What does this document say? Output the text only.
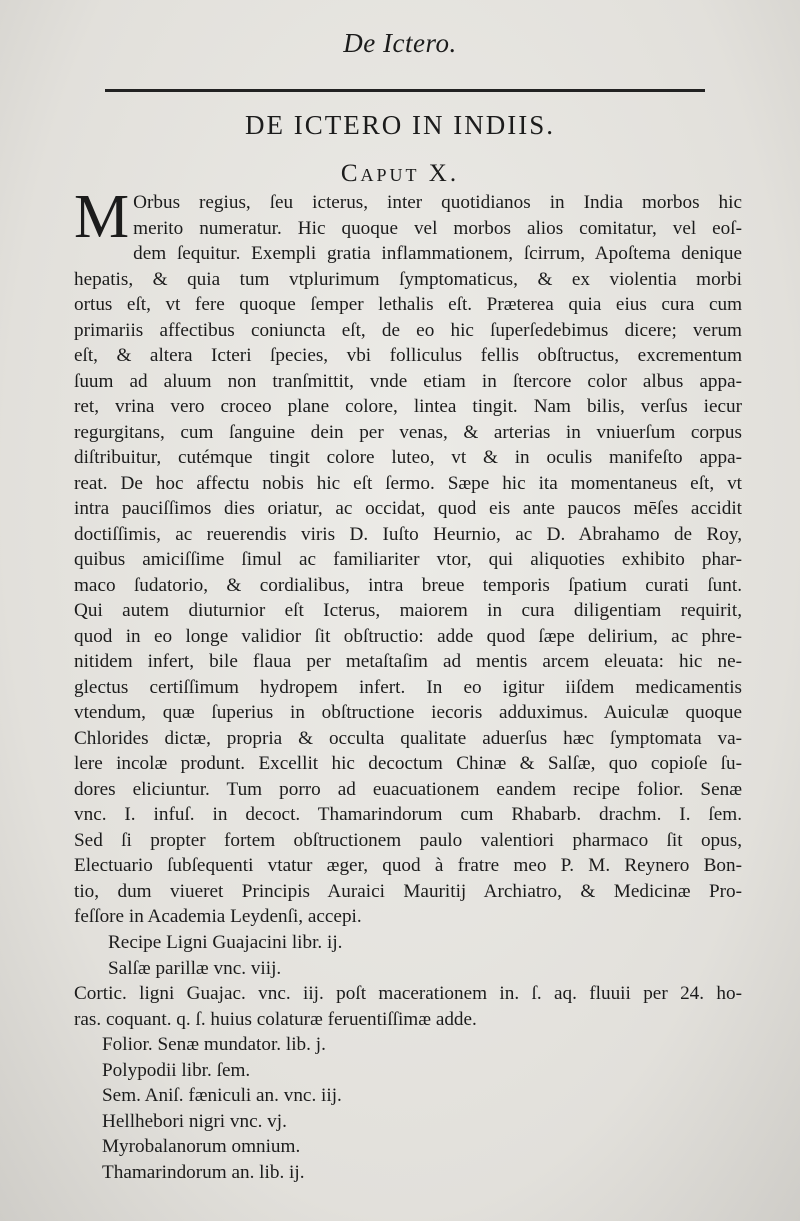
De Ictero.
DE ICTERO IN INDIIS.
Caput X.
M Orbus regius, ſeu icterus, inter quotidianos in India morbos hic
merito numeratur. Hic quoque vel morbos alios comitatur, vel eoſ-
dem ſequitur. Exempli gratia inflammationem, ſcirrum, Apoſtema denique
hepatis, & quia tum vtplurimum ſymptomaticus, & ex violentia morbi
ortus eſt, vt fere quoque ſemper lethalis eſt. Præterea quia eius cura cum
primariis affectibus coniuncta eſt, de eo hic ſuperſedebimus dicere; verum
eſt, & altera Icteri ſpecies, vbi folliculus fellis obſtructus, excrementum
ſuum ad aluum non tranſmittit, vnde etiam in ſtercore color albus appa-
ret, vrina vero croceo plane colore, lintea tingit. Nam bilis, verſus iecur
regurgitans, cum ſanguine dein per venas, & arterias in vniuerſum corpus
diſtribuitur, cutémque tingit colore luteo, vt & in oculis manifeſto appa-
reat. De hoc affectu nobis hic eſt ſermo. Sæpe hic ita momentaneus eſt, vt
intra pauciſſimos dies oriatur, ac occidat, quod eis ante paucos mēſes accidit
doctiſſimis, ac reuerendis viris D. Iuſto Heurnio, ac D. Abrahamo de Roy,
quibus amiciſſime ſimul ac familiariter vtor, qui aliquoties exhibito phar-
maco ſudatorio, & cordialibus, intra breue temporis ſpatium curati ſunt.
Qui autem diuturnior eſt Icterus, maiorem in cura diligentiam requirit,
quod in eo longe validior ſit obſtructio: adde quod ſæpe delirium, ac phre-
nitidem infert, bile flaua per metaſtaſim ad mentis arcem eleuata: hic ne-
glectus certiſſimum hydropem infert. In eo igitur iiſdem medicamentis
vtendum, quæ ſuperius in obſtructione iecoris adduximus. Auiculæ quoque
Chlorides dictæ, propria & occulta qualitate aduerſus hæc ſymptomata va-
lere incolæ produnt. Excellit hic decoctum Chinæ & Salſæ, quo copioſe ſu-
dores eliciuntur. Tum porro ad euacuationem eandem recipe folior. Senæ
vnc. I. infuſ. in decoct. Thamarindorum cum Rhabarb. drachm. I. ſem.
Sed ſi propter fortem obſtructionem paulo valentiori pharmaco ſit opus,
Electuario ſubſequenti vtatur æger, quod à fratre meo P. M. Reynero Bon-
tio, dum viueret Principis Auraici Mauritij Archiatro, & Medicinæ Pro-
feſſore in Academia Leydenſi, accepi.
Recipe Ligni Guajacini libr. ij.
Salſæ parillæ vnc. viij.
Cortic. ligni Guajac. vnc. iij. poſt macerationem in. ſ. aq. fluuii per 24. ho-
ras. coquant. q. ſ. huius colaturæ feruentiſſimæ adde.
Folior. Senæ mundator. lib. j.
Polypodii libr. ſem.
Sem. Aniſ. fæniculi an. vnc. iij.
Hellhebori nigri vnc. vj.
Myrobalanorum omnium.
Thamarindorum an. lib. ij.
